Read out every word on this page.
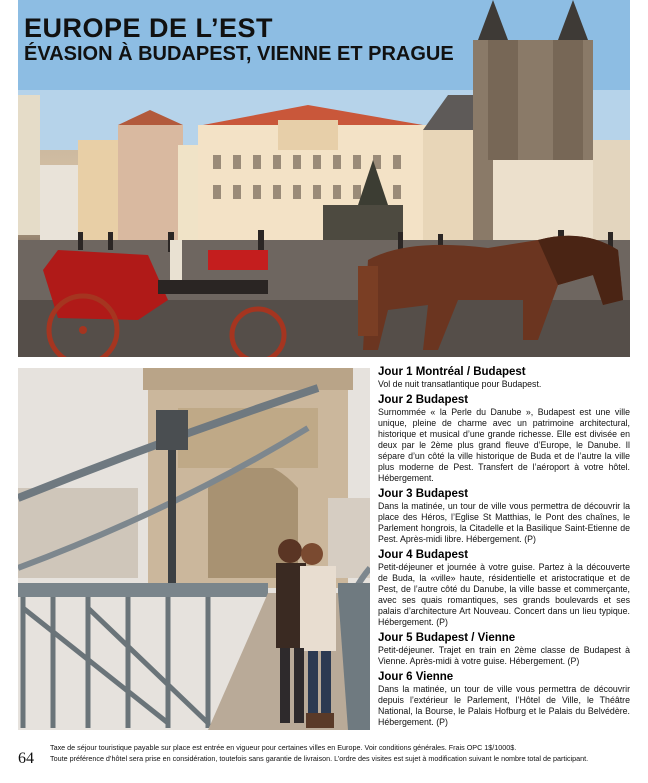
EUROPE DE L’EST
ÉVASION À BUDAPEST, VIENNE ET PRAGUE
Jour 1 Montréal / Budapest

Vol de nuit transatlantique pour Budapest.

Jour 2 Budapest

Surnommée « la Perle du Danube », Budapest est une ville unique, pleine de charme avec un patrimoine architectural, historique et musical d’une grande richesse. Elle est divisée en deux par le 2ème plus grand fleuve d’Europe, le Danube. Il sépare d’un côté la ville historique de Buda et de l’autre la ville plus moderne de Pest. Transfert de l’aéroport à votre hôtel. Hébergement.

Jour 3 Budapest

Dans la matinée, un tour de ville vous permettra de découvrir la place des Héros, l’Eglise St Matthias, le Pont des chaînes, le Parlement hongrois, la Citadelle et la Basilique Saint-Etienne de Pest. Après-midi libre. Hébergement. (P)

Jour 4 Budapest

Petit-déjeuner et journée à votre guise. Partez à la découverte de Buda, la «ville» haute, résidentielle et aristocratique et de Pest, de l’autre côté du Danube, la ville basse et commerçante, avec ses quais romantiques, ses grands boulevards et ses palais d’architecture Art Nouveau. Concert dans un lieu typique. Hébergement. (P)

Jour 5 Budapest / Vienne

Petit-déjeuner. Trajet en train en 2ème classe de Budapest à Vienne. Après-midi à votre guise. Hébergement. (P)

Jour 6 Vienne

Dans la matinée, un tour de ville vous permettra de découvrir depuis l’extérieur le Parlement, l’Hôtel de Ville, le Théâtre National, la Bourse, le Palais Hofburg et le Palais du Belvédère. Hébergement. (P)

64
Taxe de séjour touristique payable sur place est entrée en vigueur pour certaines villes en Europe. Voir conditions générales. Frais OPC 1$/1000$.
Toute préférence d’hôtel sera prise en considération, toutefois sans garantie de livraison. L’ordre des visites est sujet à modification suivant le nombre total de participant.
